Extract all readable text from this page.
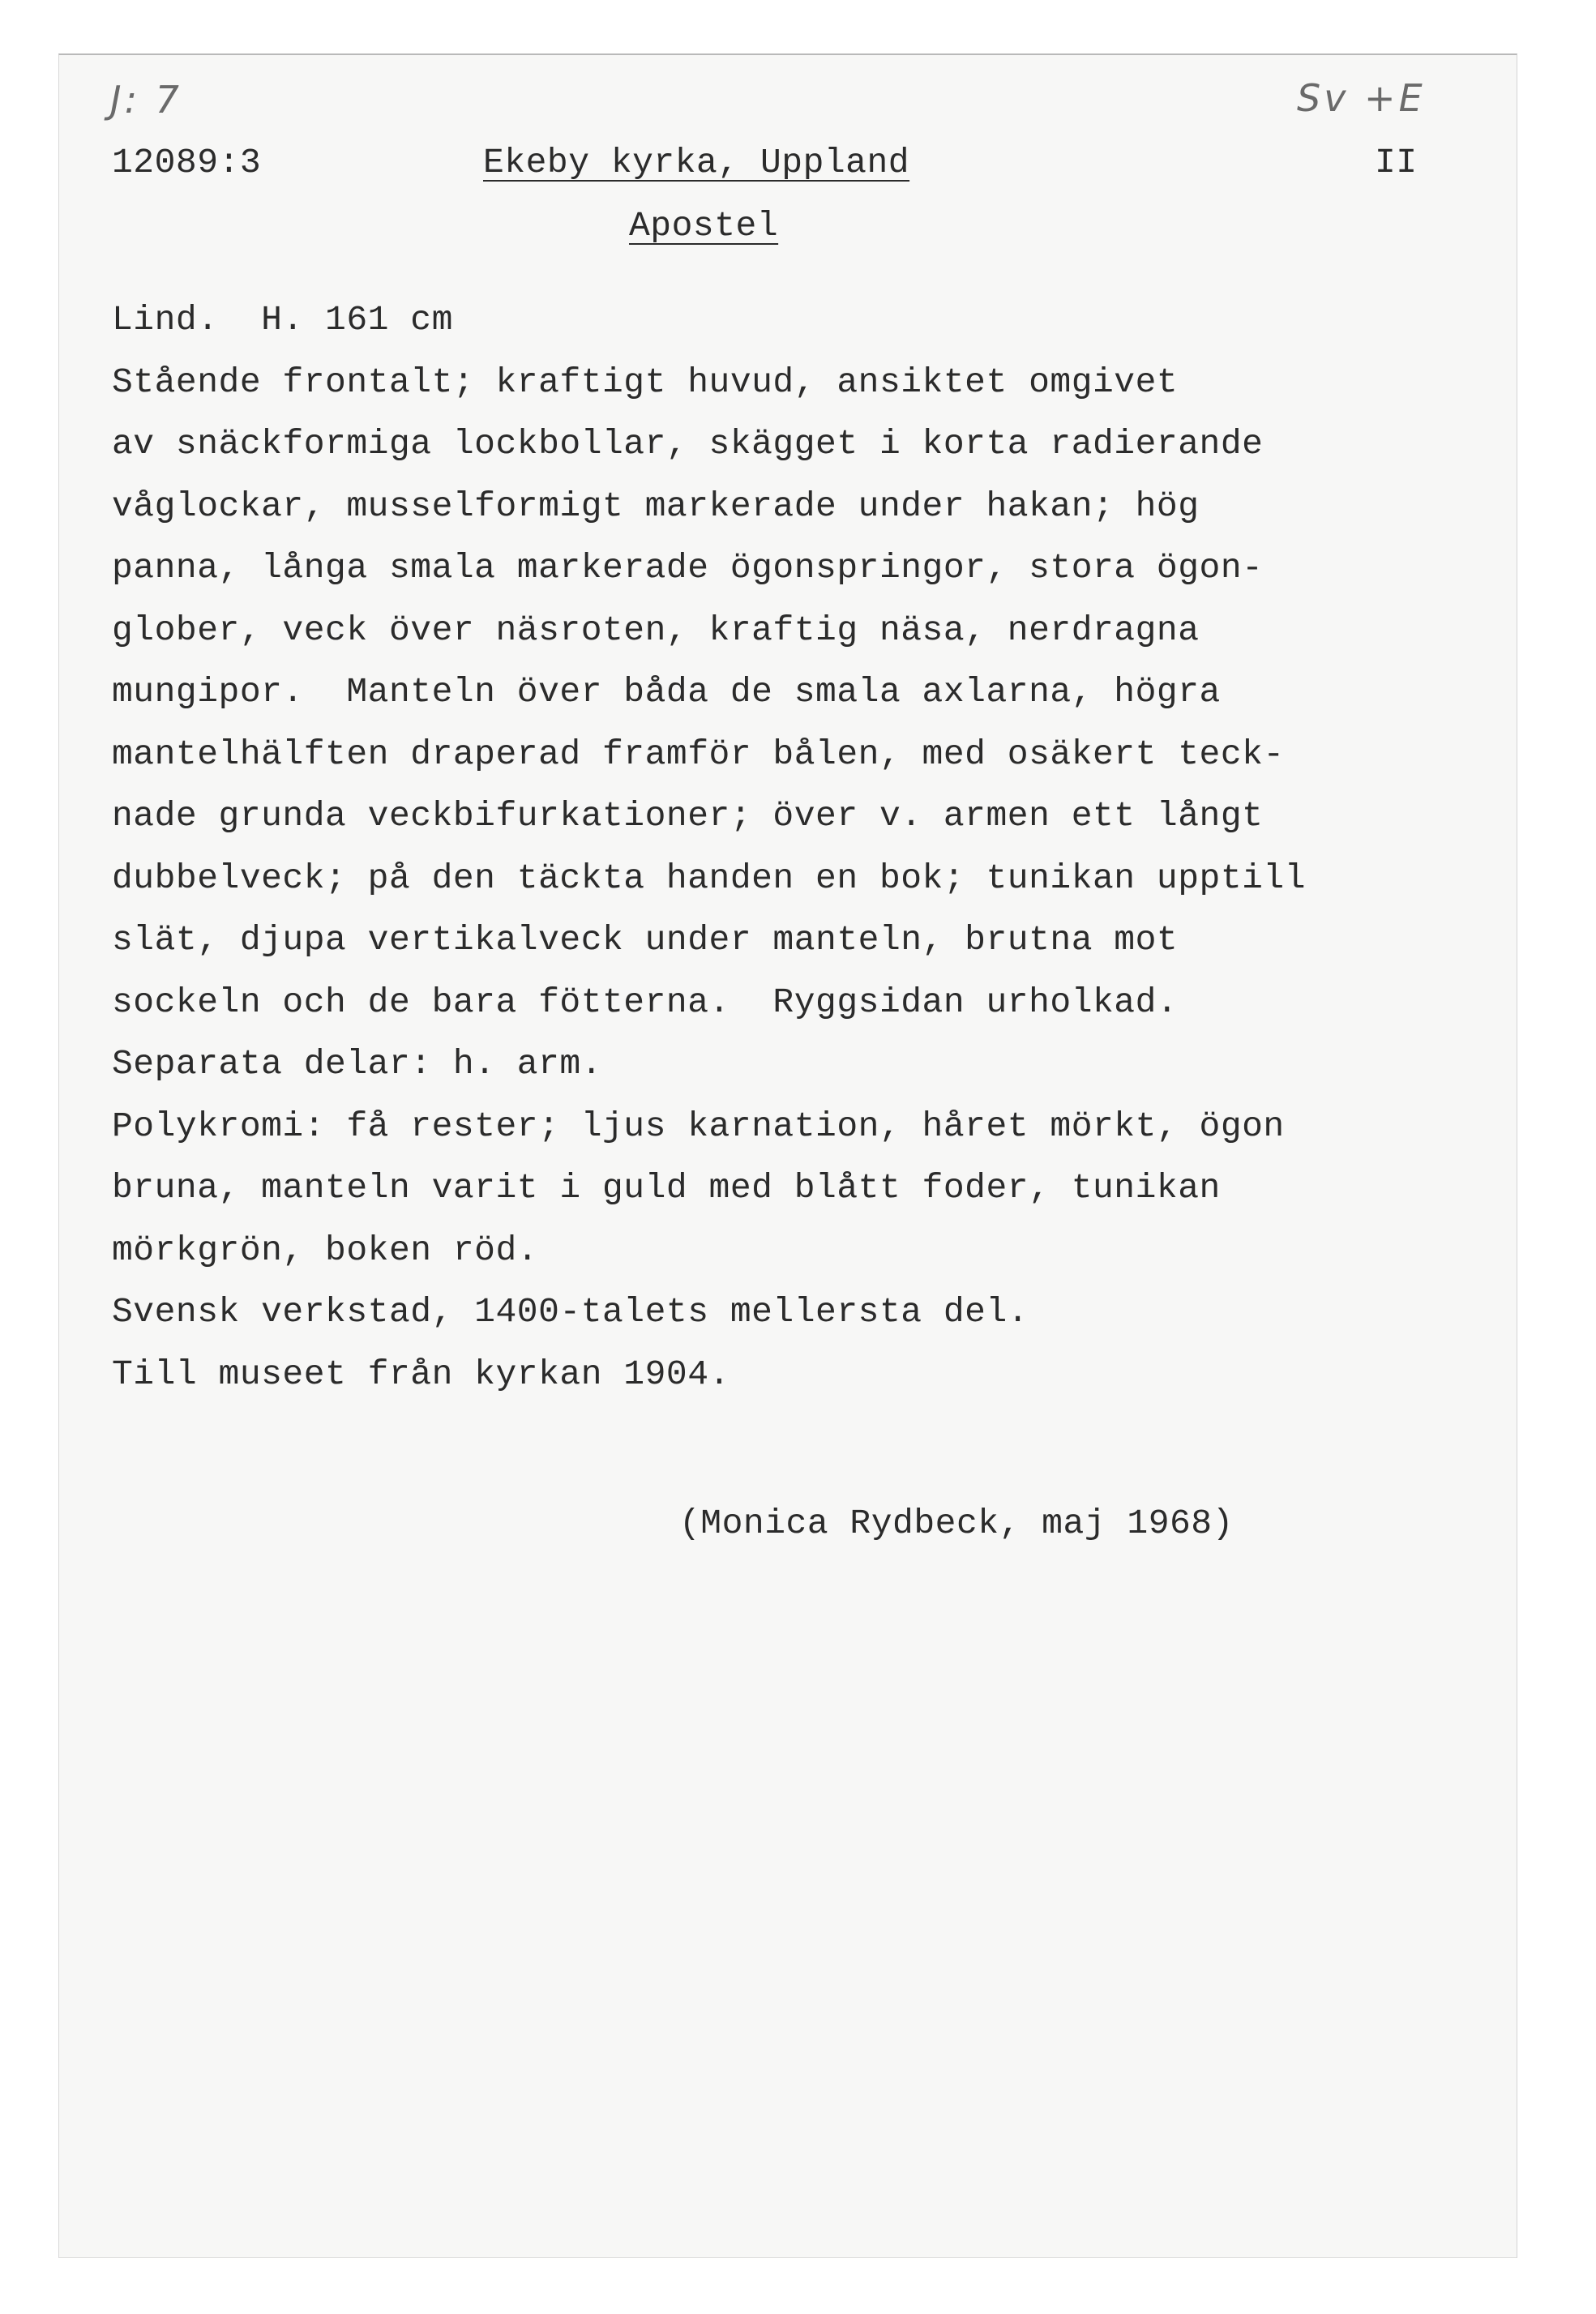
J: 7	Sv +E
12089:3	Ekeby kyrka, Uppland	II
Apostel
Lind.  H. 161 cm
Stående frontalt; kraftigt huvud, ansiktet omgivet
av snäckformiga lockbollar, skägget i korta radierande
våglockar, musselformigt markerade under hakan; hög
panna, långa smala markerade ögonspringor, stora ögon-
glober, veck över näsroten, kraftig näsa, nerdragna
mungipor.  Manteln över båda de smala axlarna, högra
mantelhälften draperad framför bålen, med osäkert teck-
nade grunda veckbifurkationer; över v. armen ett långt
dubbelveck; på den täckta handen en bok; tunikan upptill
slät, djupa vertikalveck under manteln, brutna mot
sockeln och de bara fötterna.  Ryggsidan urholkad.
Separata delar: h. arm.
Polykromi: få rester; ljus karnation, håret mörkt, ögon
bruna, manteln varit i guld med blått foder, tunikan
mörkgrön, boken röd.
Svensk verkstad, 1400-talets mellersta del.
Till museet från kyrkan 1904.
(Monica Rydbeck, maj 1968)
